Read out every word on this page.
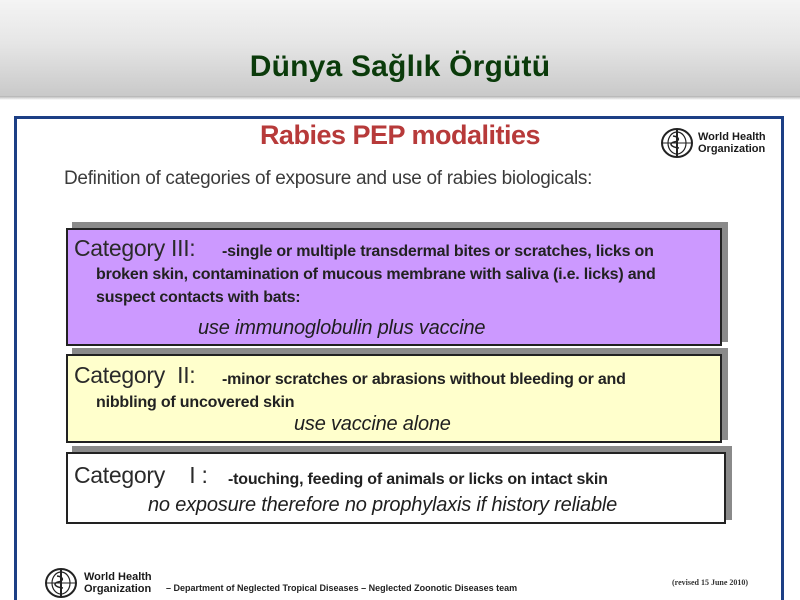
Dünya Sağlık Örgütü
Rabies PEP modalities	World Health
Organization
Definition of categories of exposure and use of rabies biologicals:
Category III: -single or multiple transdermal bites or scratches, licks on
broken skin, contamination of mucous membrane with saliva (i.e. licks) and
suspect contacts with bats:
use immunoglobulin plus vaccine
Category  II: -minor scratches or abrasions without bleeding or and
nibbling of uncovered skin
use vaccine alone
Category    I : -touching, feeding of animals or licks on intact skin
no exposure therefore no prophylaxis if history reliable
World Health
Organization – Department of Neglected Tropical Diseases – Neglected Zoonotic Diseases team
(revised 15 June 2010)
